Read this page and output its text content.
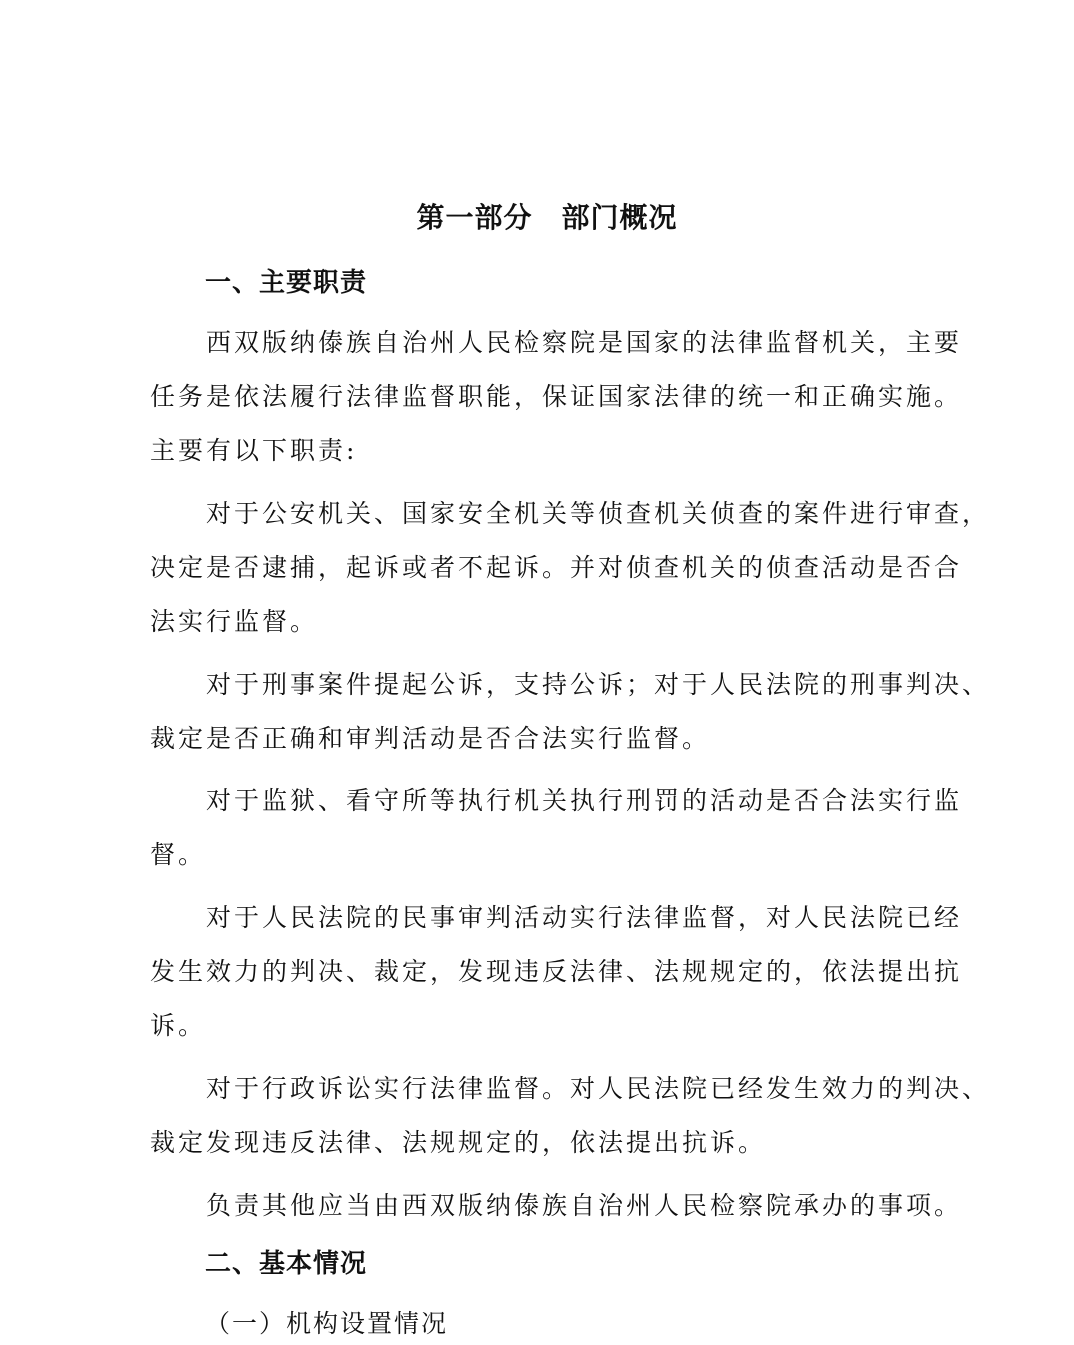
第一部分　部门概况
一、主要职责
西双版纳傣族自治州人民检察院是国家的法律监督机关，主要
任务是依法履行法律监督职能，保证国家法律的统一和正确实施。
主要有以下职责:
对于公安机关、国家安全机关等侦查机关侦查的案件进行审查，
决定是否逮捕，起诉或者不起诉。并对侦查机关的侦查活动是否合
法实行监督。
对于刑事案件提起公诉，支持公诉；对于人民法院的刑事判决、
裁定是否正确和审判活动是否合法实行监督。
对于监狱、看守所等执行机关执行刑罚的活动是否合法实行监
督。
对于人民法院的民事审判活动实行法律监督，对人民法院已经
发生效力的判决、裁定，发现违反法律、法规规定的，依法提出抗
诉。
对于行政诉讼实行法律监督。对人民法院已经发生效力的判决、
裁定发现违反法律、法规规定的，依法提出抗诉。
负责其他应当由西双版纳傣族自治州人民检察院承办的事项。
二、基本情况
（一）机构设置情况
